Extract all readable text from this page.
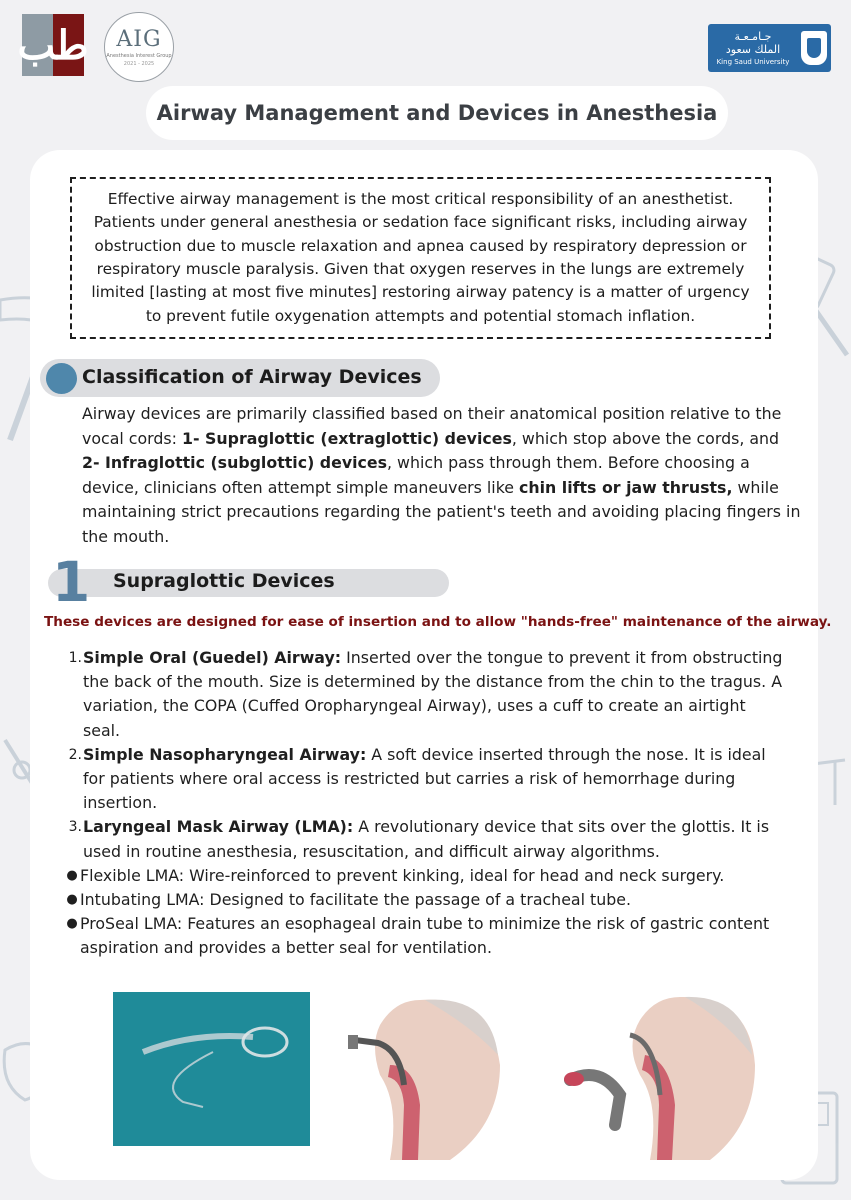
طب AIG
Anesthesia Interest Group
2021 - 2025
جـامـعـة
الملك سعود
King Saud University
Airway Management and Devices in Anesthesia
Effective airway management is the most critical responsibility of an anesthetist. Patients under general anesthesia or sedation face significant risks, including airway obstruction due to muscle relaxation and apnea caused by respiratory depression or respiratory muscle paralysis. Given that oxygen reserves in the lungs are extremely limited [lasting at most five minutes] restoring airway patency is a matter of urgency to prevent futile oxygenation attempts and potential stomach inflation.
Classification of Airway Devices
Airway devices are primarily classified based on their anatomical position relative to the vocal cords: 1- Supraglottic (extraglottic) devices, which stop above the cords, and
2- Infraglottic (subglottic) devices, which pass through them. Before choosing a device, clinicians often attempt simple maneuvers like chin lifts or jaw thrusts, while maintaining strict precautions regarding the patient's teeth and avoiding placing fingers in the mouth.
1 Supraglottic Devices
These devices are designed for ease of insertion and to allow "hands-free" maintenance of the airway.
1. Simple Oral (Guedel) Airway: Inserted over the tongue to prevent it from obstructing the back of the mouth. Size is determined by the distance from the chin to the tragus. A variation, the COPA (Cuffed Oropharyngeal Airway), uses a cuff to create an airtight seal.
2. Simple Nasopharyngeal Airway: A soft device inserted through the nose. It is ideal for patients where oral access is restricted but carries a risk of hemorrhage during insertion.
3. Laryngeal Mask Airway (LMA): A revolutionary device that sits over the glottis. It is used in routine anesthesia, resuscitation, and difficult airway algorithms.
● Flexible LMA: Wire-reinforced to prevent kinking, ideal for head and neck surgery.
● Intubating LMA: Designed to facilitate the passage of a tracheal tube.
● ProSeal LMA: Features an esophageal drain tube to minimize the risk of gastric content aspiration and provides a better seal for ventilation.
